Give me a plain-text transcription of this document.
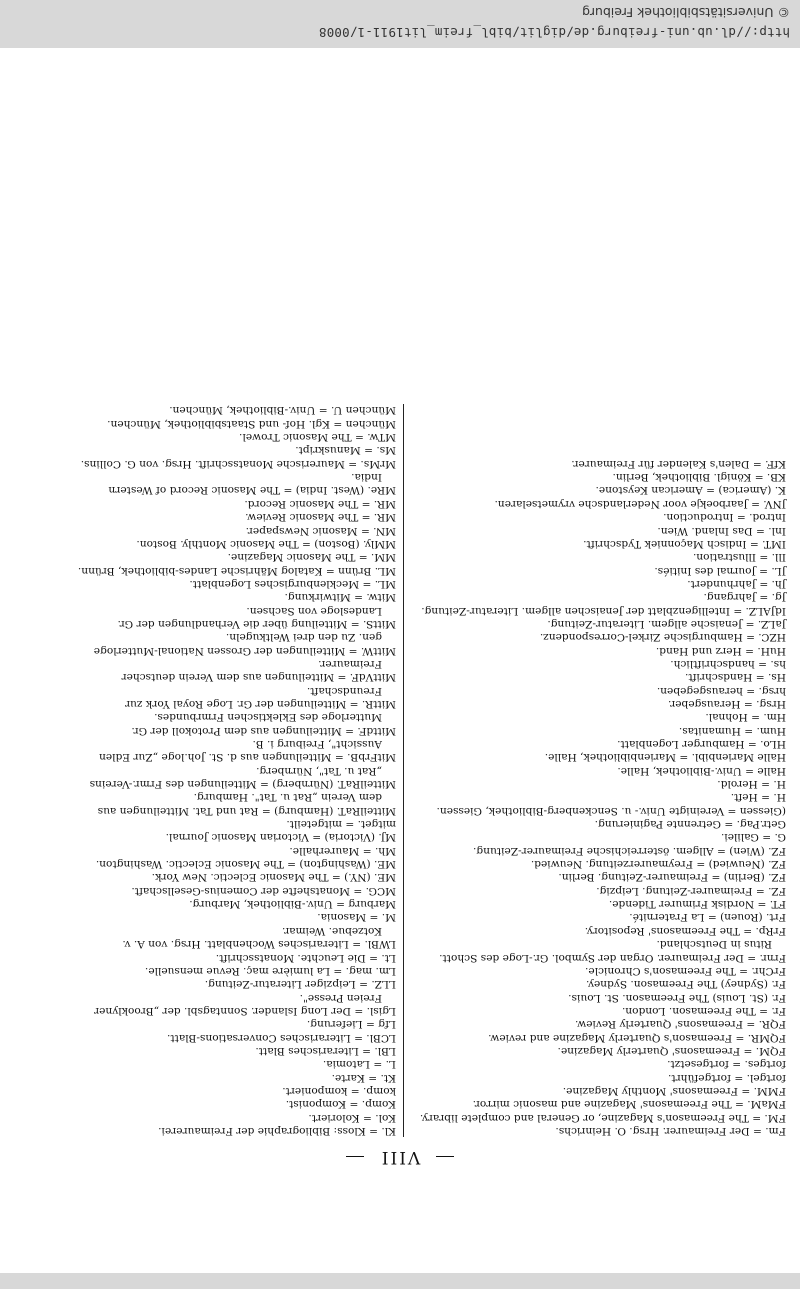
http://dl.ub.uni-freiburg.de/diglit/bibl_freim_lit1911-1/0008
© Universitätsbibliothek Freiburg
VIII

Fm. = Der Freimaurer. Hrsg. O. Heinrichs.

FM. = The Freemason's Magazine, or General and complete library.

FMaM. = The Freemasons' Magazine and masonic mirror.

FMM. = Freemasons' Monthly Magazine.

fortgel. = fortgeführt.

fortges. = fortgesetzt.

FQM. = Freemasons' Quarterly Magazine.

FQMR. = Freemason's Quarterly Magazine and review.

FQR. = Freemasons' Quarterly Review.

Fr. = The Freemason. London.

Fr. (St. Louis) The Freemason. St. Louis.

Fr. (Sydney) The Freemason. Sydney.

FrChr. = The Freemason's Chronicle.

Frnr. = Der Freimaurer. Organ der Symbol. Gr.-Loge des Schott. Ritus in Deutschland.

FrRp. = The Freemasons' Repository.

Frt. (Rouen) = La Fraternité.

FT. = Nordisk Frimurer Tidende.

FZ. = Freimaurer-Zeitung. Leipzig.

FZ. (Berlin) = Freimaurer-Zeitung. Berlin.

FZ. (Neuwied) = Freymaurerzeitung. Neuwied.

FZ. (Wien) = Allgem. österreichische Freimaurer-Zeitung.

G. = Galilei.

Getr.Pag. = Getrennte Paginierung.

(Giessen = Vereinigte Univ.- u. Senckenberg-Bibliothek, Giessen.

H. = Heft.

H. = Herold.

Halle = Univ.-Bibliothek, Halle.

Halle Marienbibl. = Marienbibliothek, Halle.

HLo. = Hamburger Logenblatt.

Hum. = Humanitas.

Hm. = Hohnal.

Hrsg. = Herausgeber.

hrsg. = herausgegeben.

Hs. = Handschrift.

hs. = handschriftlich.

HuH. = Herz und Hand.

HZC. = Hamburgische Zirkel-Correspondenz.

JaLZ. = Jenaische allgem. Literatur-Zeitung.

IdJALZ. = Intelligenzblatt der Jenaischen allgem. Literatur-Zeitung.

Jg. = Jahrgang.

Jh. = Jahrhundert.

JL. = Journal des Initiés.

Ill. = Illustration.

IMT. = Indisch Maçonniek Tydschrift.

Inl. = Das Inland. Wien.

Introd. = Introduction.

JNV. = Jaarboekje voor Nederlandsche vrymetselaren.

K. (America) = American Keystone.

KB. = Königl. Bibliothek, Berlin.

KfF. = Dalen's Kalender für Freimaurer.

Kl. = Kloss: Bibliographie der Freimaurerei.

Kol. = Koloriert.

Komp. = Komponist.

komp. = komponiert.

Kt. = Karte.

L. = Latomia.

LBl. = Literarisches Blatt.

LCBl. = Literarisches Conversations-Blatt.

Lfg = Lieferung.

Lgisl. = Der Long Islander. Sonntagsbl. der „Brooklyner Freien Presse".

LLZ. = Leipziger Literatur-Zeitung.

Lm. mag. = La lumière maç. Revue mensuelle.

Lt. = Die Leuchte. Monatsschrift.

LWBl. = Literarisches Wochenblatt. Hrsg. von A. v. Kotzebue. Weimar.

M. = Masonia.

Marburg = Univ.-Bibliothek, Marburg.

MCG. = Monatshefte der Comenius-Gesellschaft.

ME. (NY.) = The Masonic Eclectic. New York.

ME. (Washington) = The Masonic Eclectic. Washington.

Mh. = Maurerhalle.

MJ. (Victoria) = Victorian Masonic Journal.

mitget. = mitgeteilt.

MitteilRaT. (Hamburg) = Rat und Tat. Mitteilungen aus dem Verein „Rat u. Tat". Hamburg.

MitteilRaT. (Nürnberg) = Mitteilungen des Frmr.-Vereins „Rat u. Tat", Nürnberg.

MitFrbB. = Mitteilungen aus d. St. Joh.loge „Zur Edlen Aussicht", Freiburg i. B.

MittdF. = Mitteilungen aus dem Protokoll der Gr. Mutterloge des Eklektischen Frmrbundes.

MittR. = Mitteilungen der Gr. Loge Royal York zur Freundschaft.

MittVdF. = Mitteilungen aus dem Verein deutscher Freimaurer.

MittW. = Mitteilungen der Grossen National-Mutterloge gen. Zu den drei Weltkugeln.

MittS. = Mitteilung über die Verhandlungen der Gr. Landesloge von Sachsen.

Mitw. = Mitwirkung.

ML. = Mecklenburgisches Logenblatt.

ML. Brünn = Katalog Mährische Landes-bibliothek, Brünn.

MM. = The Masonic Magazine.

MMly. (Boston) = The Masonic Monthly. Boston.

MN. = Masonic Newspaper.

MR. = The Masonic Review.

MR. = The Masonic Record.

MRe. (West. India) = The Masonic Record of Western India.

MrMs. = Maurerische Monatsschrift. Hrsg. von G. Collins.

Ms. = Manuskript.

MTw. = The Masonic Trowel.

München = Kgl. Hof- und Staatsbibliothek, München.

München U. = Univ.-Bibliothek, München.
